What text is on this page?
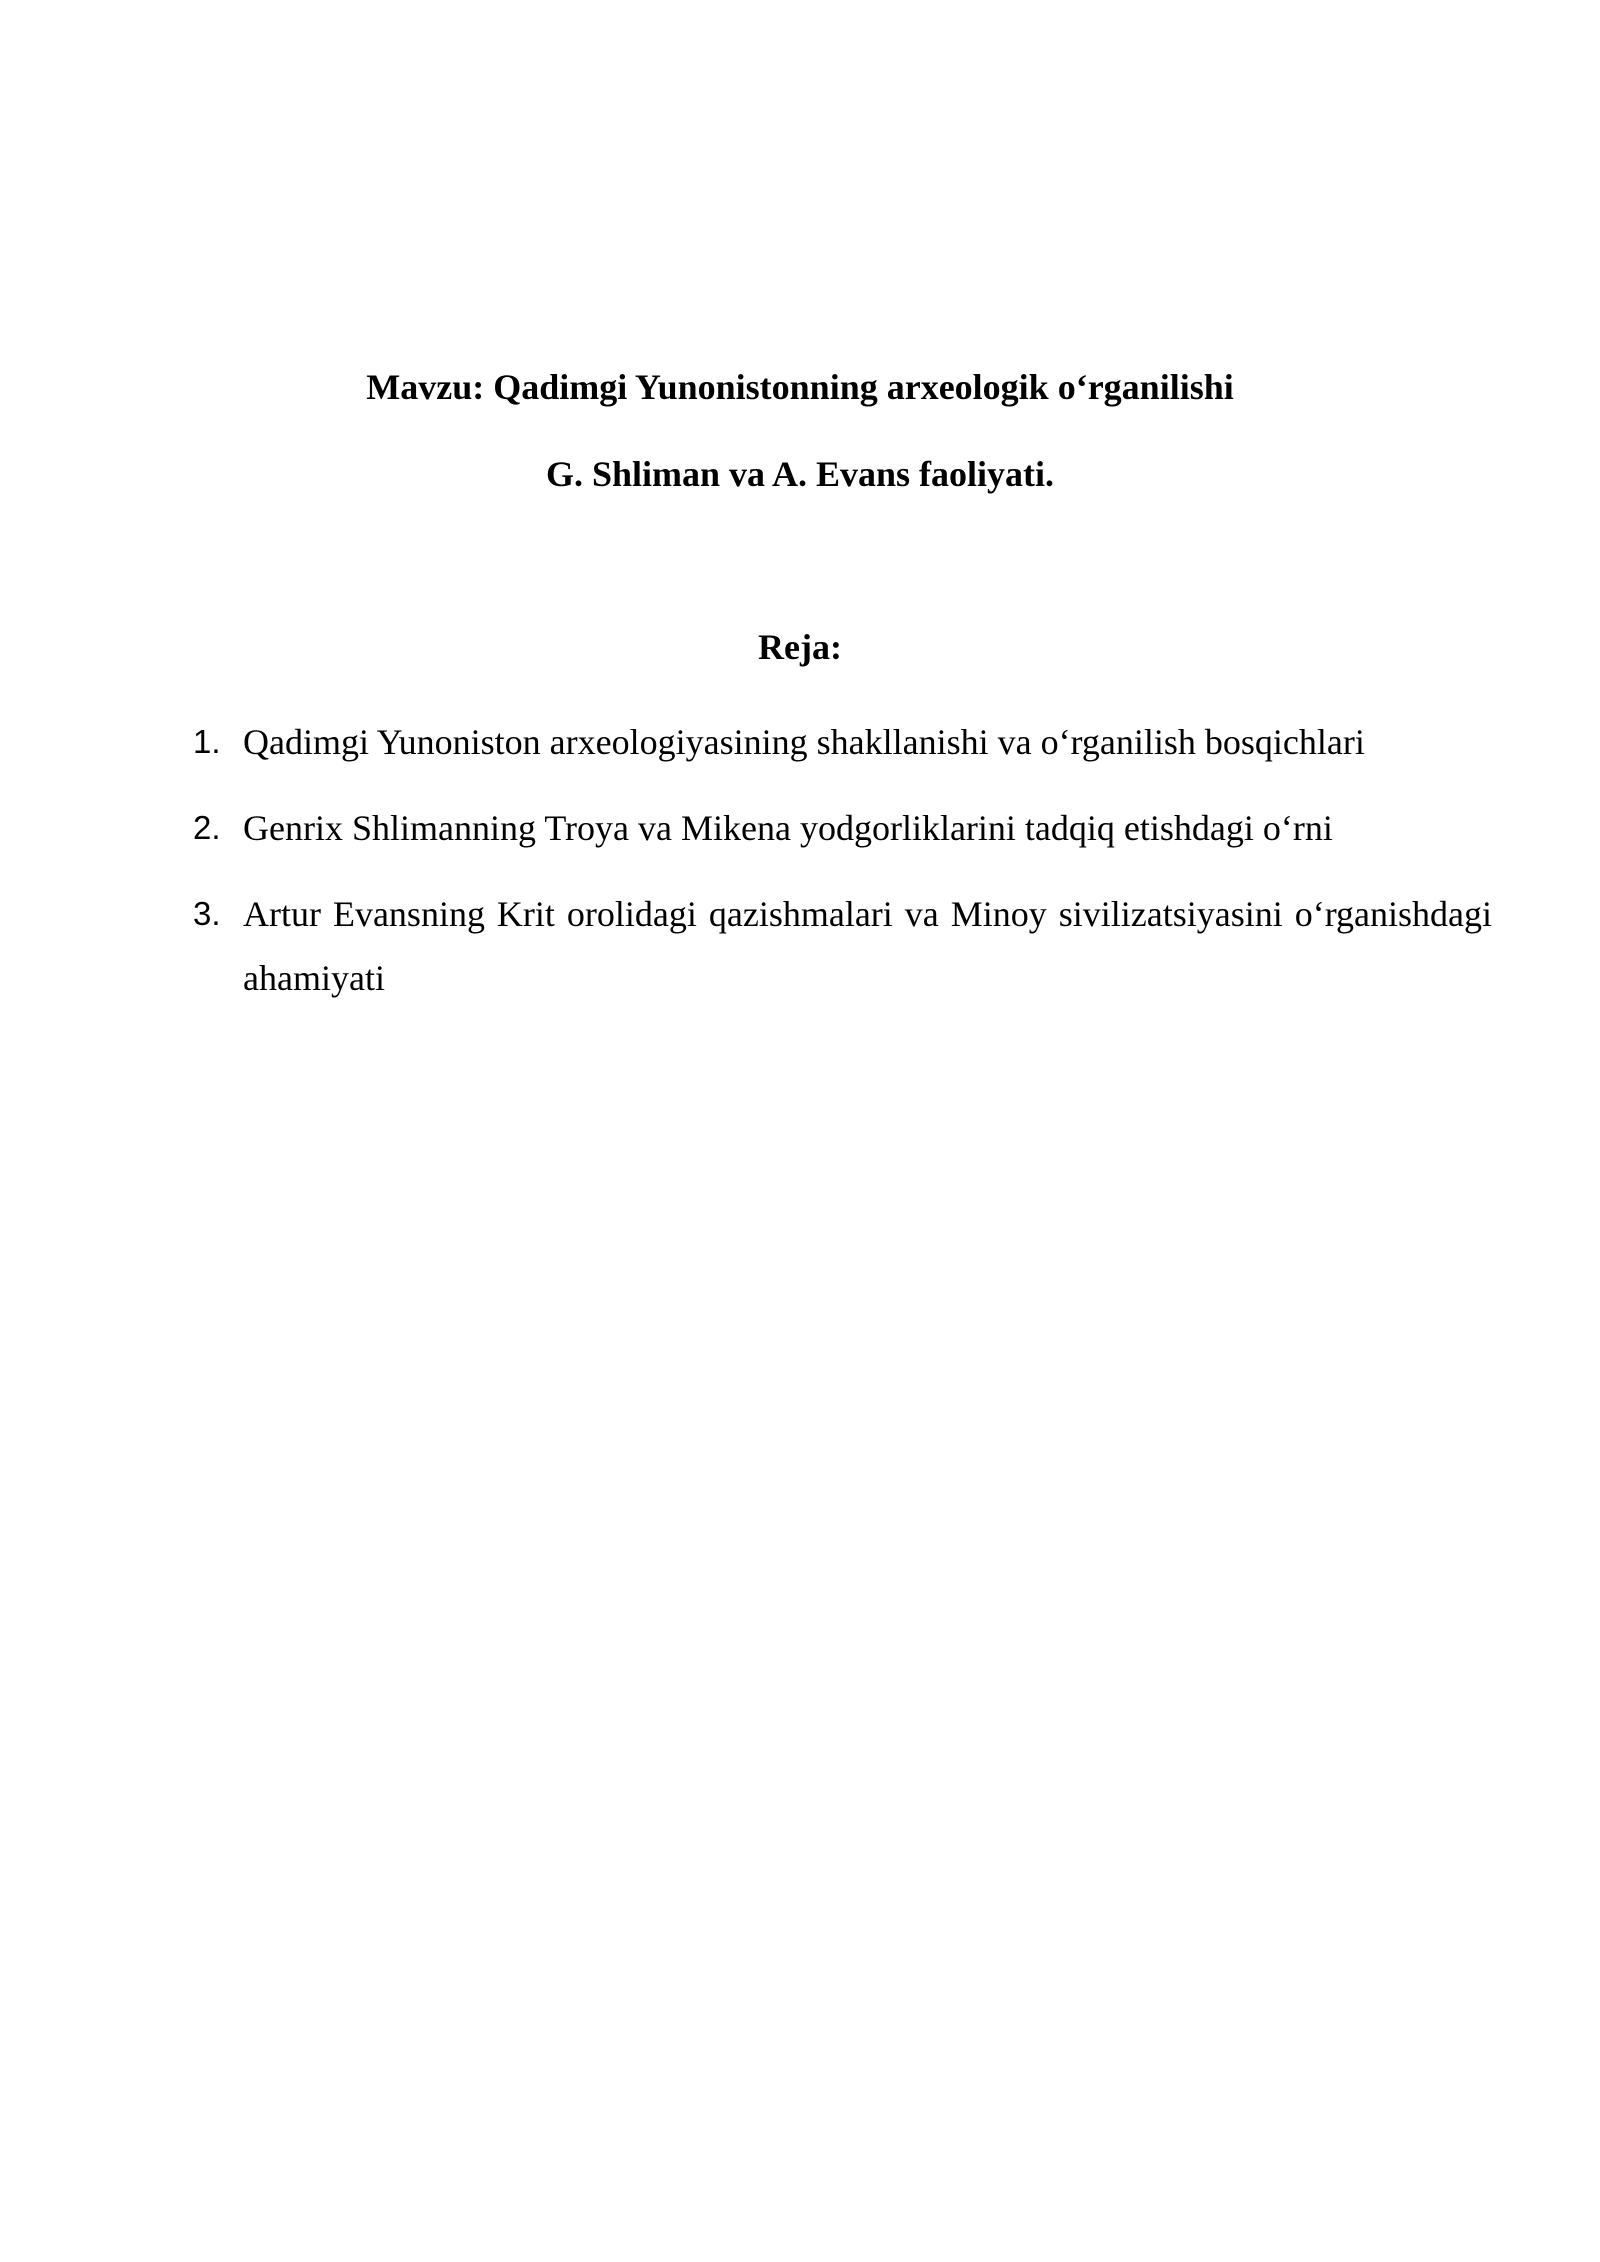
Mavzu: Qadimgi Yunonistonning arxeologik o‘rganilishi
G. Shliman va A. Evans faoliyati.
Reja:
1. Qadimgi Yunoniston arxeologiyasining shakllanishi va o‘rganilish bosqichlari
2. Genrix Shlimanning Troya va Mikena yodgorliklarini tadqiq etishdagi o‘rni
3. Artur Evansning Krit orolidagi qazishmalari va Minoy sivilizatsiyasini o‘rganishdagi ahamiyati
